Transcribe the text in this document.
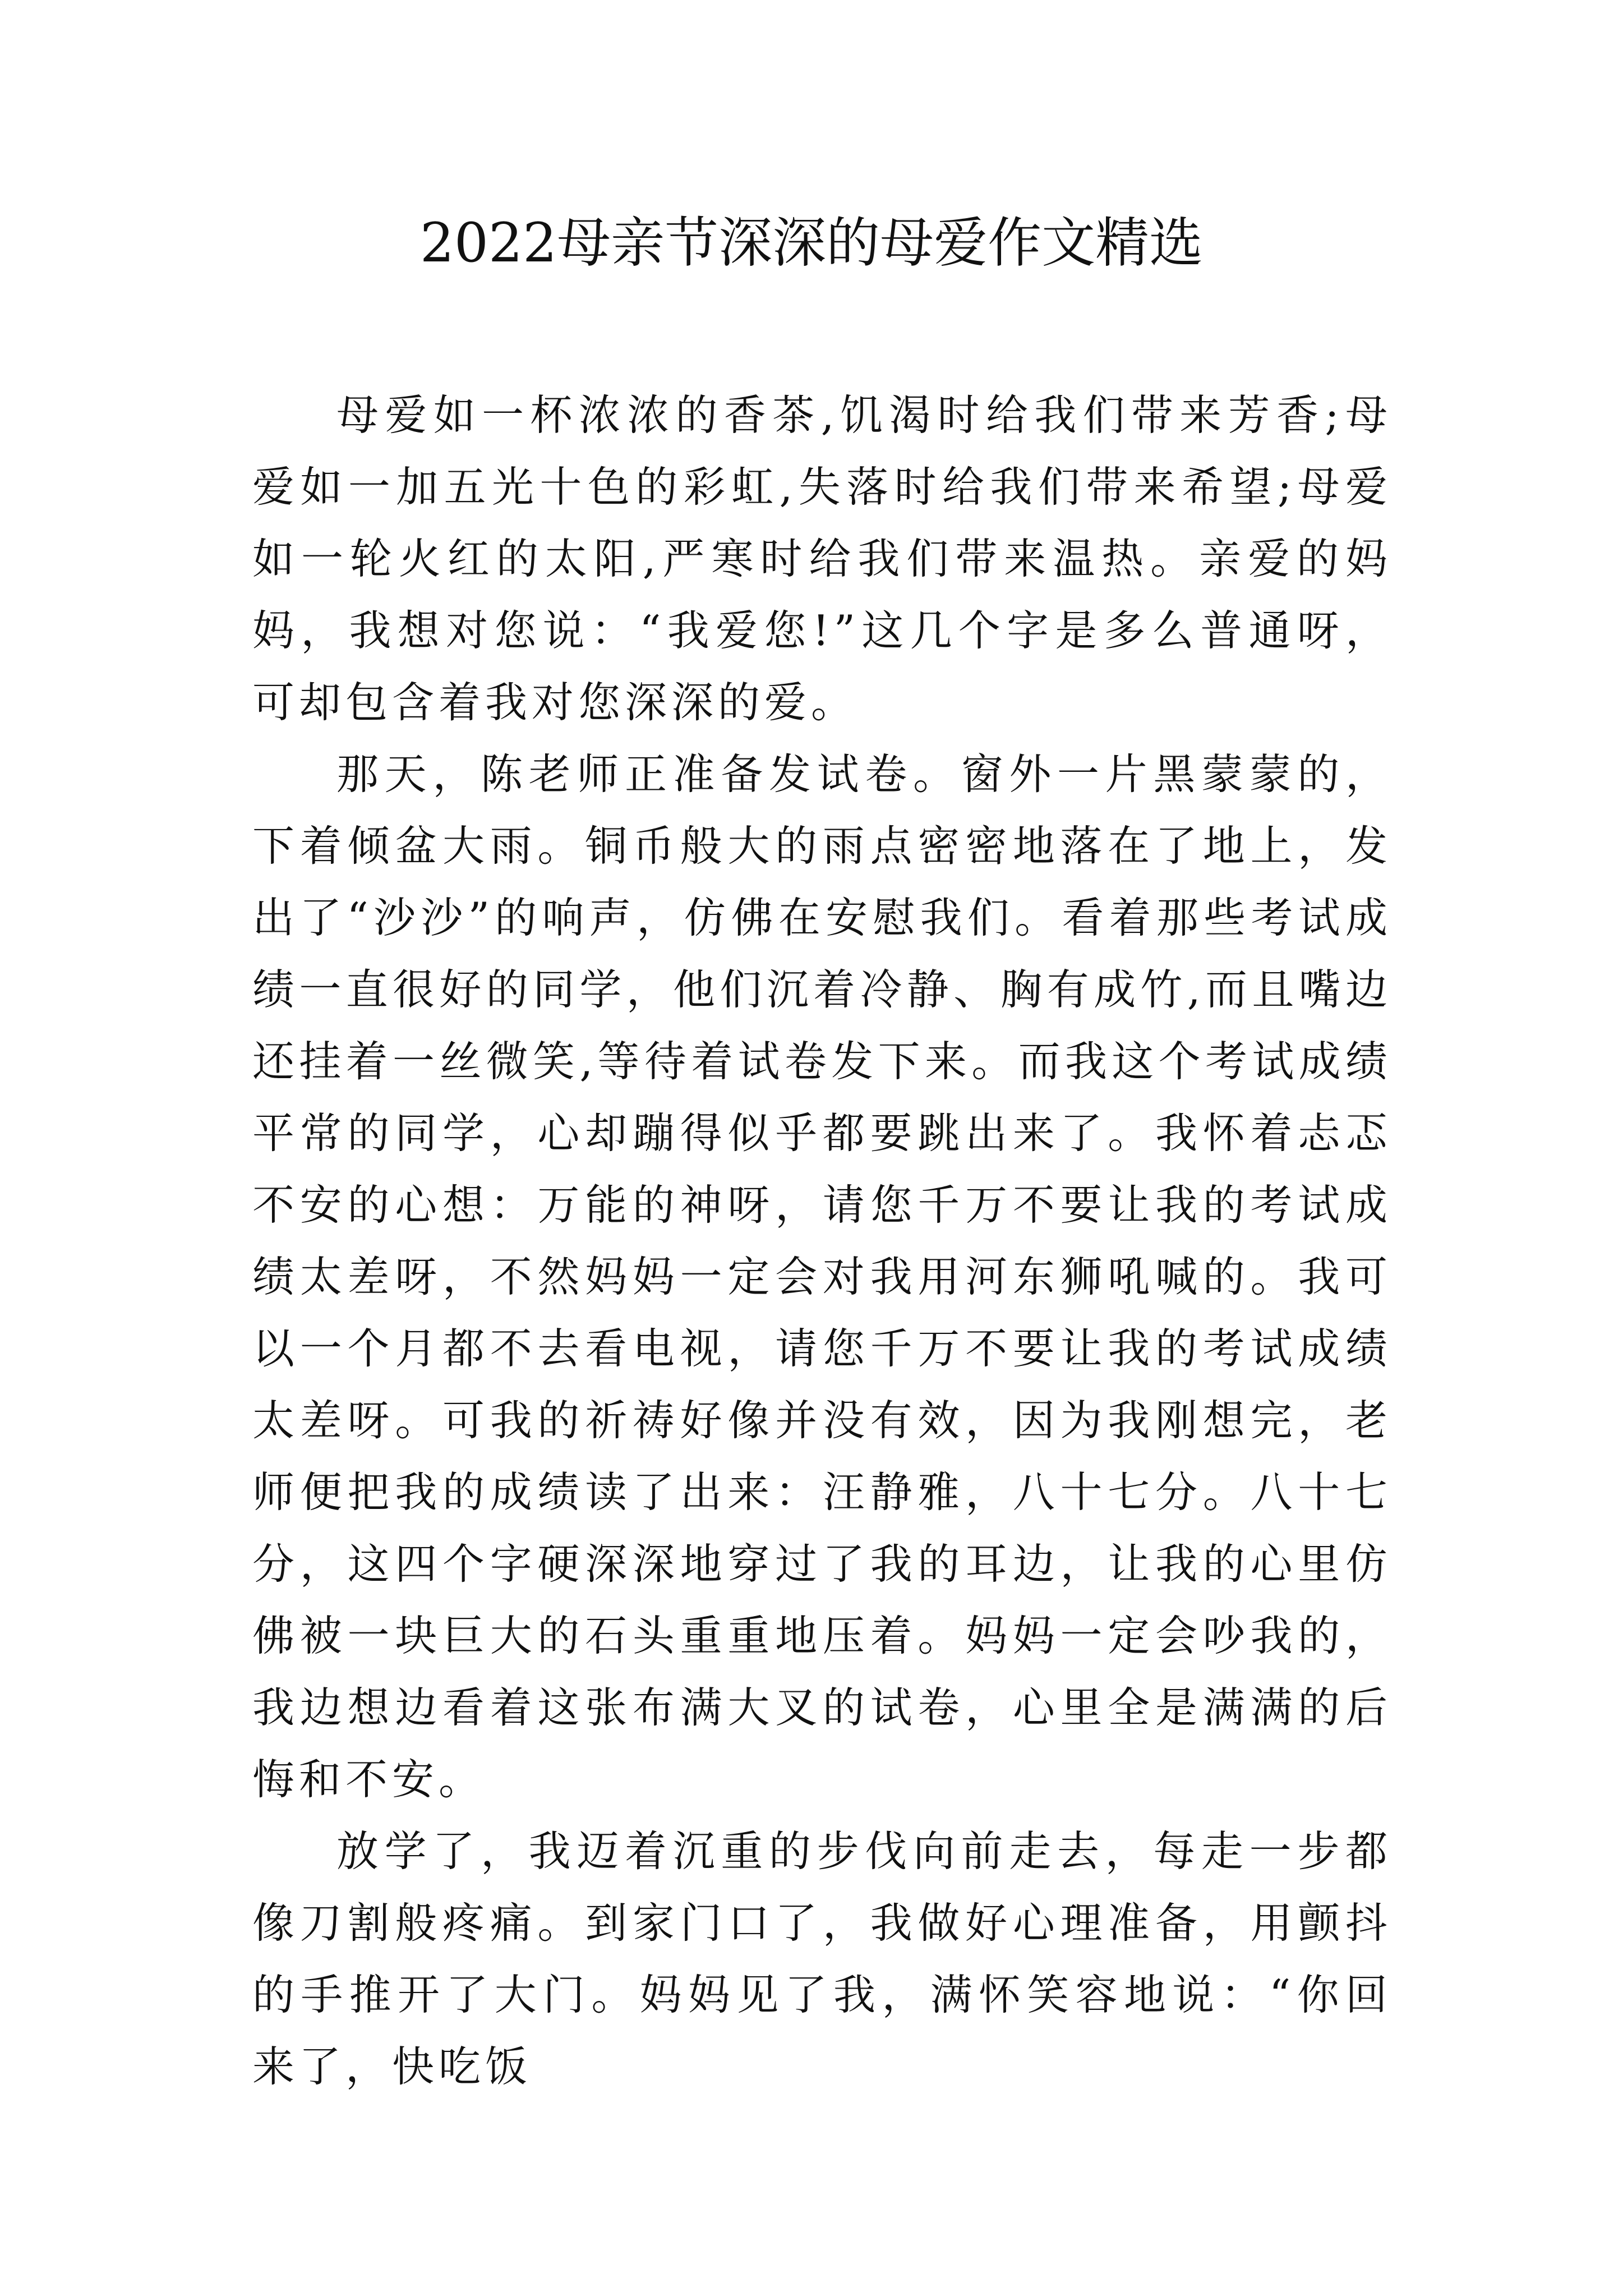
2022母亲节深深的母爱作文精选

母爱如一杯浓浓的香茶,饥渴时给我们带来芳香;母爱如一加五光十色的彩虹,失落时给我们带来希望;母爱如一轮火红的太阳,严寒时给我们带来温热。亲爱的妈妈，我想对您说：“我爱您!”这几个字是多么普通呀，可却包含着我对您深深的爱。

那天，陈老师正准备发试卷。窗外一片黑蒙蒙的，下着倾盆大雨。铜币般大的雨点密密地落在了地上，发出了“沙沙”的响声，仿佛在安慰我们。看着那些考试成绩一直很好的同学，他们沉着冷静、胸有成竹,而且嘴边还挂着一丝微笑,等待着试卷发下来。而我这个考试成绩平常的同学，心却蹦得似乎都要跳出来了。我怀着忐忑不安的心想：万能的神呀，请您千万不要让我的考试成绩太差呀，不然妈妈一定会对我用河东狮吼喊的。我可以一个月都不去看电视，请您千万不要让我的考试成绩太差呀。可我的祈祷好像并没有效，因为我刚想完，老师便把我的成绩读了出来：汪静雅，八十七分。八十七分，这四个字硬深深地穿过了我的耳边，让我的心里仿佛被一块巨大的石头重重地压着。妈妈一定会吵我的，我边想边看着这张布满大叉的试卷，心里全是满满的后悔和不安。

放学了，我迈着沉重的步伐向前走去，每走一步都像刀割般疼痛。到家门口了，我做好心理准备，用颤抖的手推开了大门。妈妈见了我，满怀笑容地说：“你回来了，快吃饭
